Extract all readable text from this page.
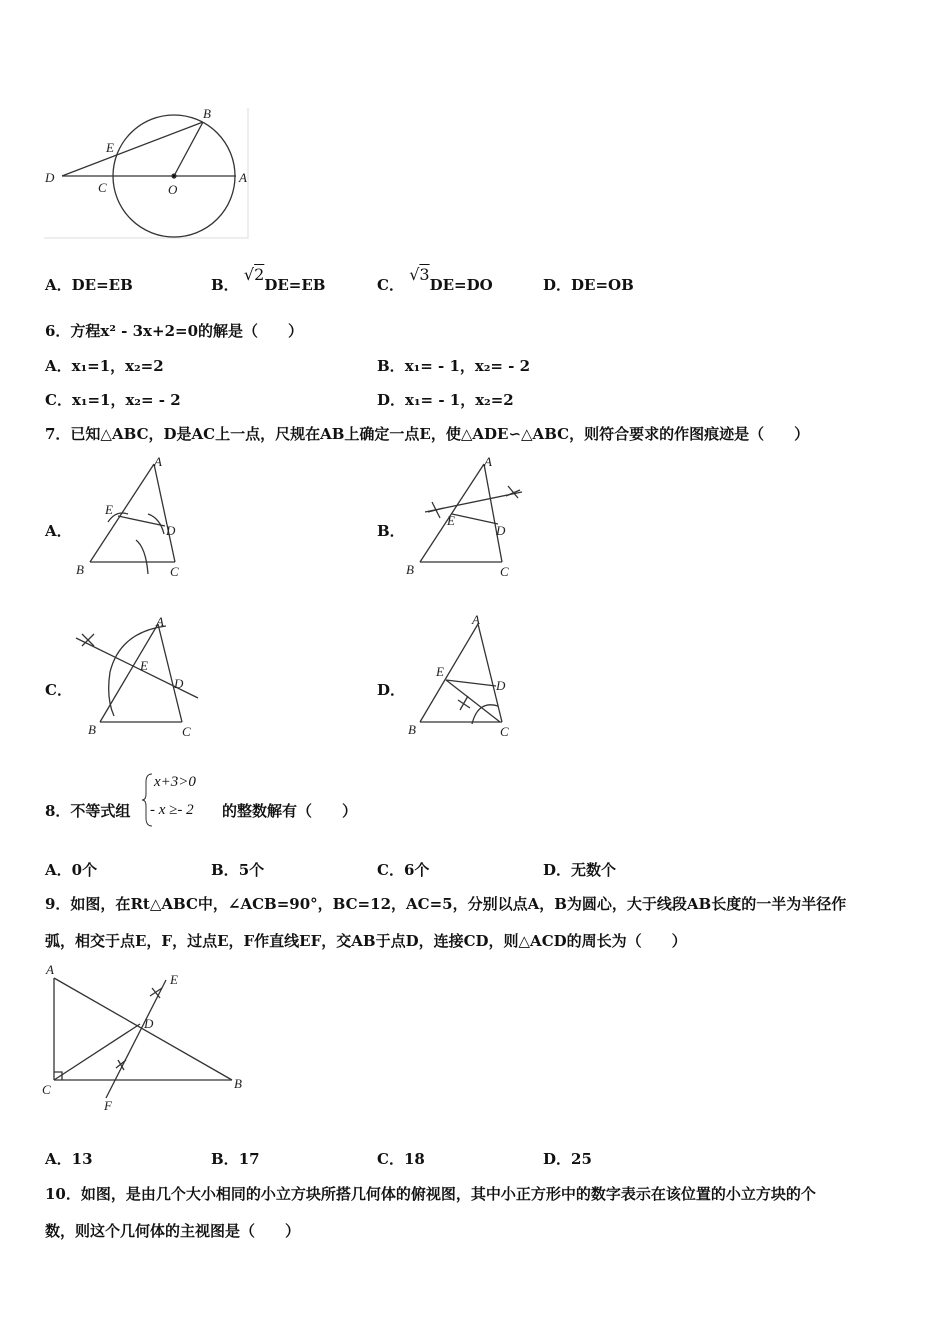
B
E
D
C	O
A
A．DE=EB	B． √2DE=EB	C． √3DE=DO	D．DE=OB
6．方程x² - 3x+2=0的解是（　　）
A．x₁=1，x₂=2	B．x₁= - 1，x₂= - 2
C．x₁=1，x₂= - 2	D．x₁= - 1，x₂=2
7．已知△ABC，D是AC上一点，尺规在AB上确定一点E，使△ADE∽△ABC，则符合要求的作图痕迹是（　　）
A．
A
E
D
B	C
B．
A
E
D
B	C
C．
A
E
D
B	C
D．
A
E
D
B	C
8．不等式组
x+3>0
- x ≥- 2 的整数解有（　　）
A．0个	B．5个	C．6个	D．无数个
9．如图，在Rt△ABC中，∠ACB=90°，BC=12，AC=5，分别以点A，B为圆心，大于线段AB长度的一半为半径作
弧，相交于点E，F，过点E，F作直线EF，交AB于点D，连接CD，则△ACD的周长为（　　）
A
E
D
C	B
F
A．13	B．17	C．18	D．25
10．如图，是由几个大小相同的小立方块所搭几何体的俯视图，其中小正方形中的数字表示在该位置的小立方块的个
数，则这个几何体的主视图是（　　）
